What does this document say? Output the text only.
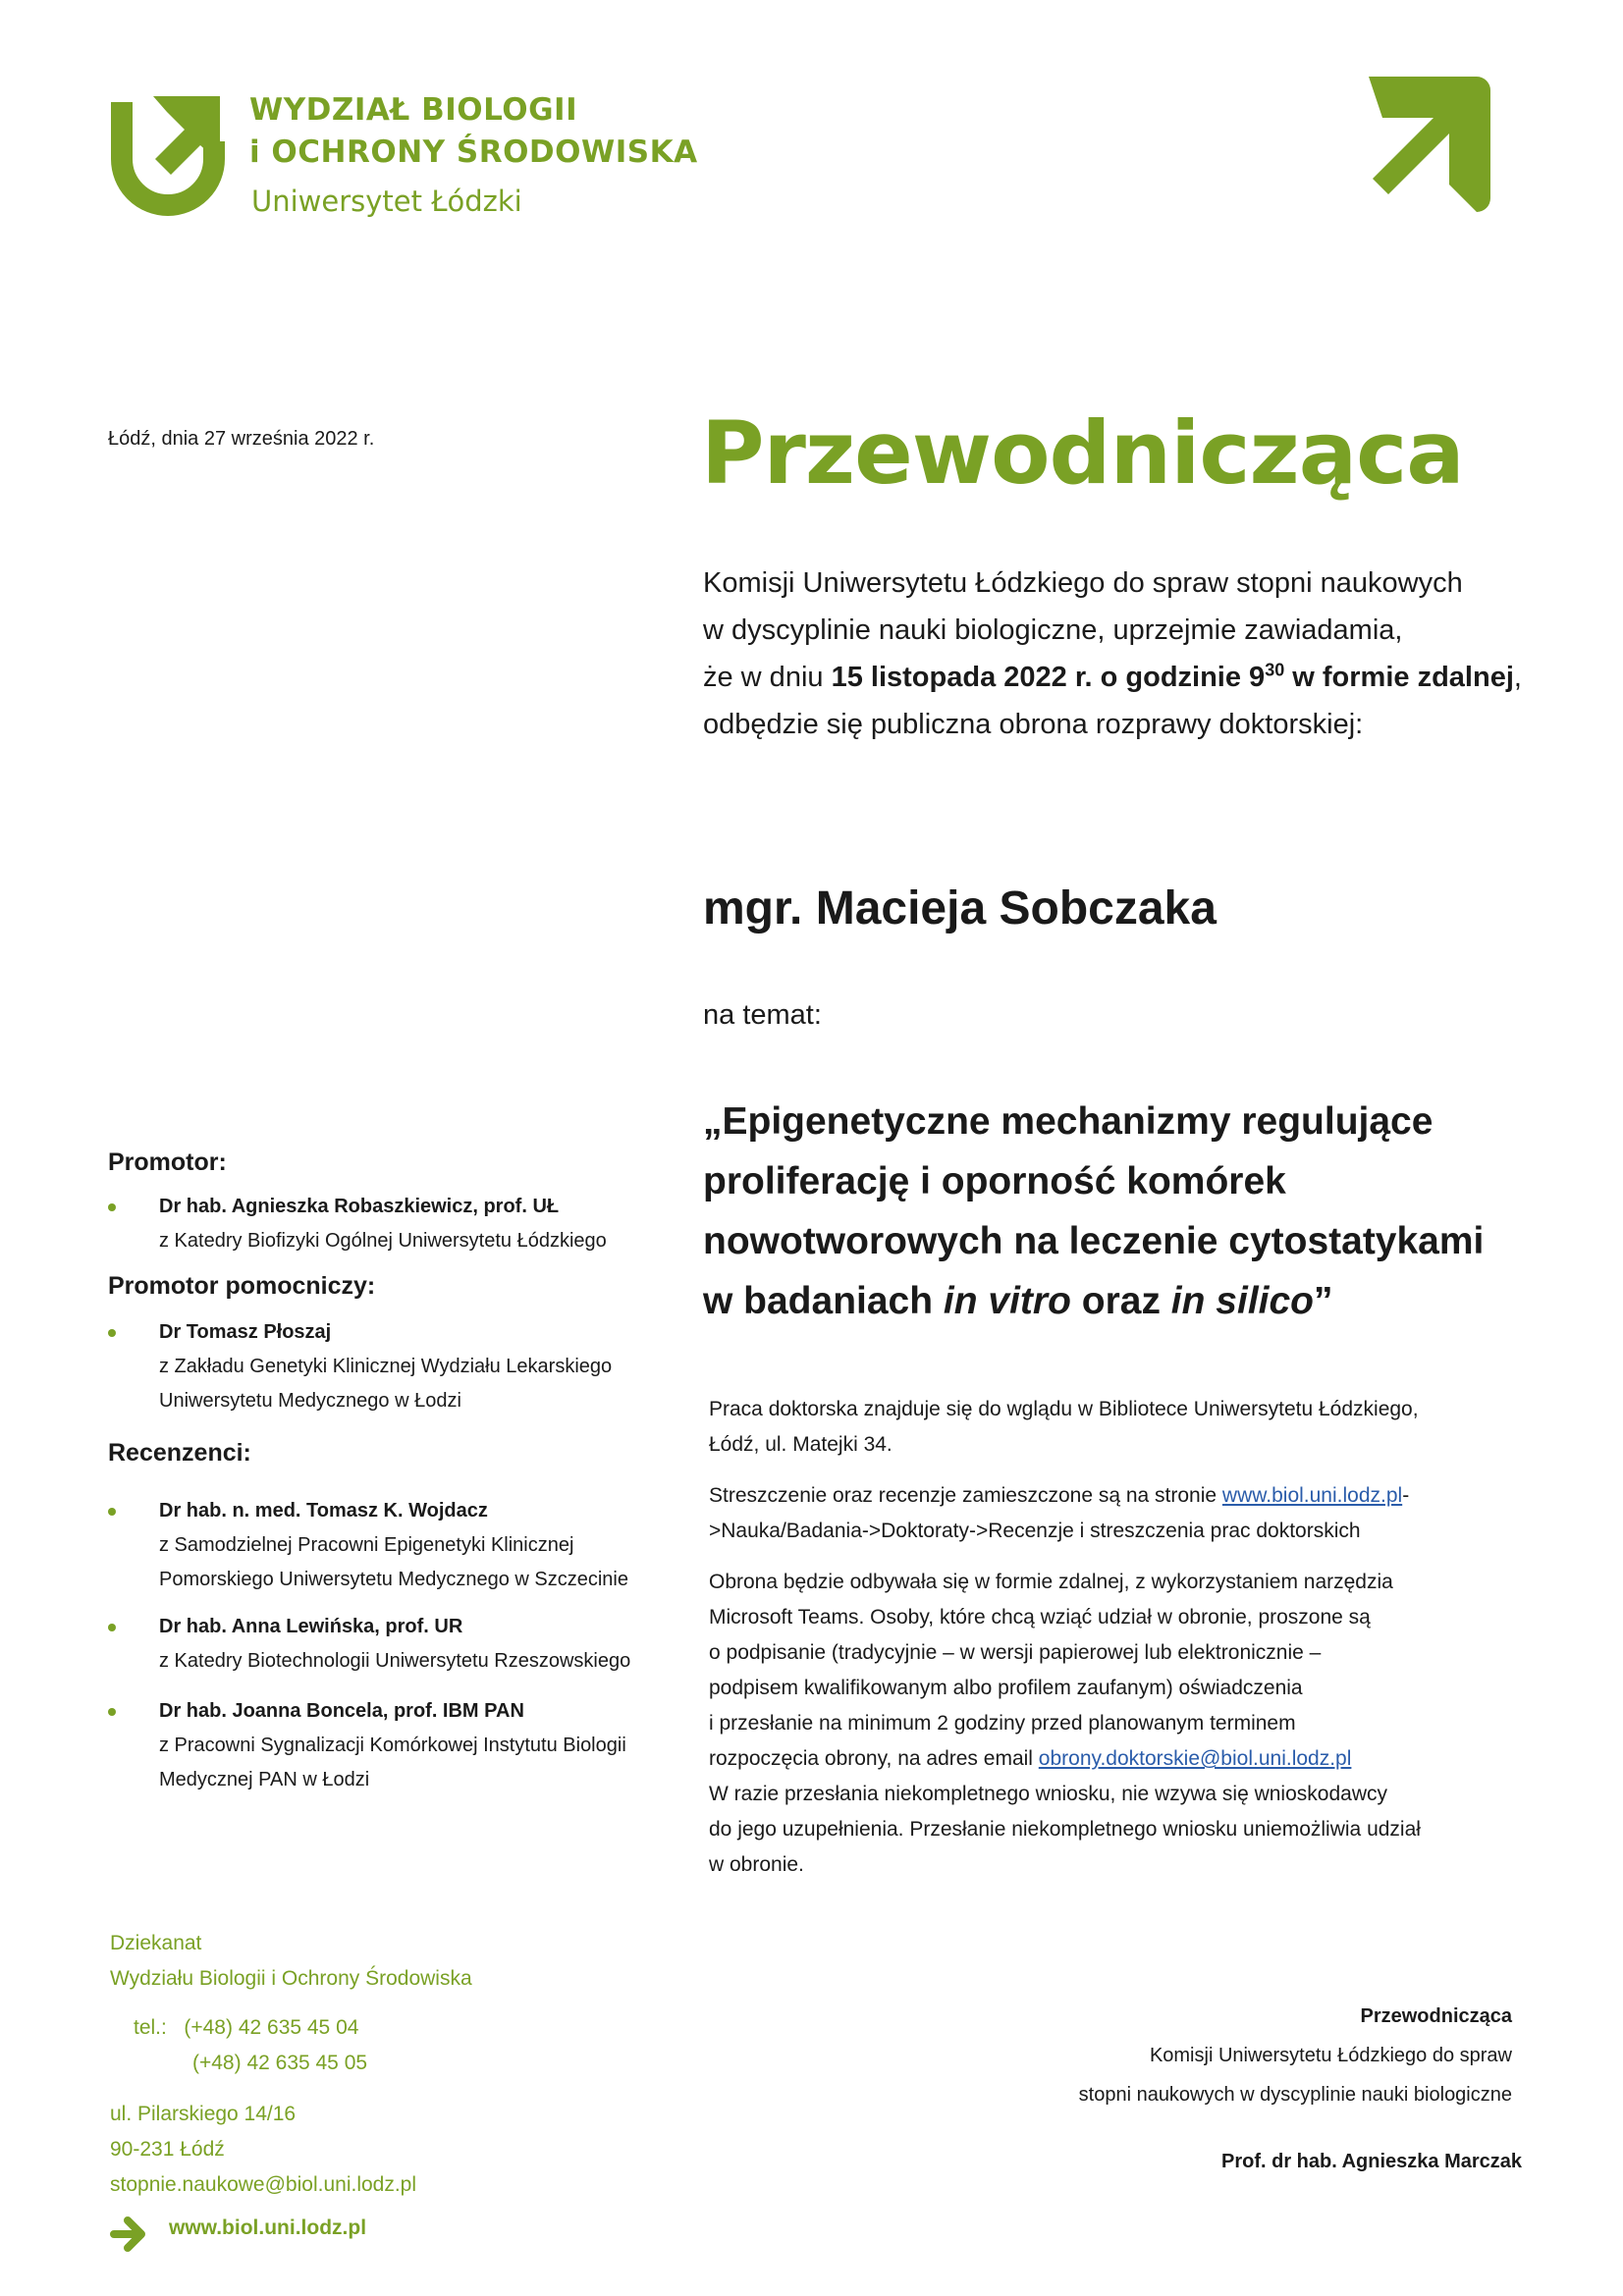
WYDZIAŁ BIOLOGII
i OCHRONY ŚRODOWISKA
Uniwersytet Łódzki
Łódź, dnia 27 września 2022 r.	Przewodnicząca
Komisji Uniwersytetu Łódzkiego do spraw stopni naukowych
w dyscyplinie nauki biologiczne, uprzejmie zawiadamia,
że w dniu 15 listopada 2022 r. o godzinie $9^{30}$ w formie zdalnej,
odbędzie się publiczna obrona rozprawy doktorskiej:
mgr. Macieja Sobczaka
na temat:
„Epigenetyczne mechanizmy regulujące
proliferację i oporność komórek
nowotworowych na leczenie cytostatykami
w badaniach in vitro oraz in silico”
Praca doktorska znajduje się do wglądu w Bibliotece Uniwersytetu Łódzkiego,
Łódź, ul. Matejki 34.
Streszczenie oraz recenzje zamieszczone są na stronie www.biol.uni.lodz.pl-
>Nauka/Badania->Doktoraty->Recenzje i streszczenia prac doktorskich
Obrona będzie odbywała się w formie zdalnej, z wykorzystaniem narzędzia
Microsoft Teams. Osoby, które chcą wziąć udział w obronie, proszone są
o podpisanie (tradycyjnie – w wersji papierowej lub elektronicznie –
podpisem kwalifikowanym albo profilem zaufanym) oświadczenia
i przesłanie na minimum 2 godziny przed planowanym terminem
rozpoczęcia obrony, na adres email obrony.doktorskie@biol.uni.lodz.pl
W razie przesłania niekompletnego wniosku, nie wzywa się wnioskodawcy
do jego uzupełnienia. Przesłanie niekompletnego wniosku uniemożliwia udział
w obronie.
Promotor:
Dr hab. Agnieszka Robaszkiewicz, prof. UŁ
z Katedry Biofizyki Ogólnej Uniwersytetu Łódzkiego
Promotor pomocniczy:
Dr Tomasz Płoszaj
z Zakładu Genetyki Klinicznej Wydziału Lekarskiego
Uniwersytetu Medycznego w Łodzi
Recenzenci:
Dr hab. n. med. Tomasz K. Wojdacz
z Samodzielnej Pracowni Epigenetyki Klinicznej
Pomorskiego Uniwersytetu Medycznego w Szczecinie
Dr hab. Anna Lewińska, prof. UR
z Katedry Biotechnologii Uniwersytetu Rzeszowskiego
Dr hab. Joanna Boncela, prof. IBM PAN
z Pracowni Sygnalizacji Komórkowej Instytutu Biologii
Medycznej PAN w Łodzi
Dziekanat
Wydziału Biologii i Ochrony Środowiska
tel.: (+48) 42 635 45 04
(+48) 42 635 45 05
ul. Pilarskiego 14/16
90-231 Łódź
stopnie.naukowe@biol.uni.lodz.pl
www.biol.uni.lodz.pl
Przewodnicząca
Komisji Uniwersytetu Łódzkiego do spraw
stopni naukowych w dyscyplinie nauki biologiczne
Prof. dr hab. Agnieszka Marczak
